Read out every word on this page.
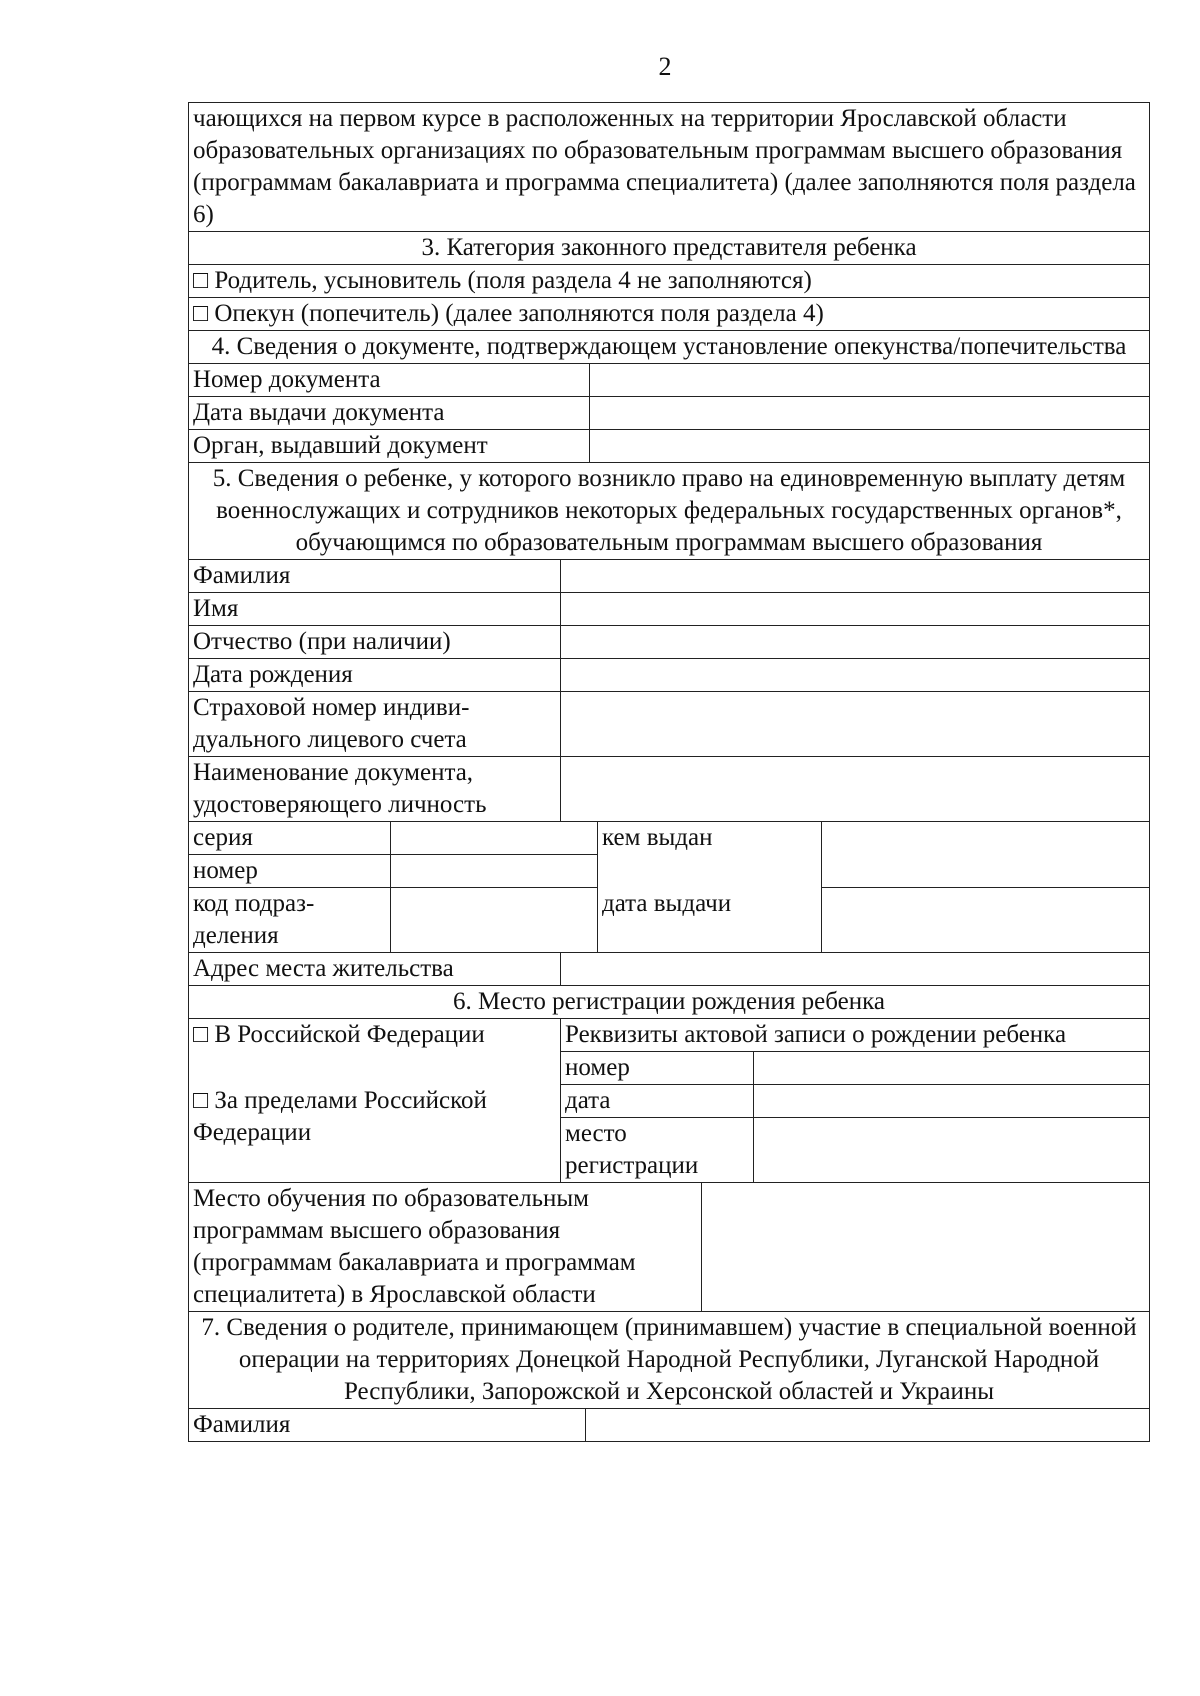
2
чающихся на первом курсе в расположенных на территории Ярославской области образовательных организациях по образовательным программам высшего образования (программам бакалавриата и программа специалитета) (далее заполняются поля раздела 6)
3. Категория законного представителя ребенка
□ Родитель, усыновитель (поля раздела 4 не заполняются)
□ Опекун (попечитель) (далее заполняются поля раздела 4)
4. Сведения о документе, подтверждающем установление опекунства/попечительства
Номер документа
Дата выдачи документа
Орган, выдавший документ
5. Сведения о ребенке, у которого возникло право на единовременную выплату детям военнослужащих и сотрудников некоторых федеральных государственных органов*, обучающимся по образовательным программам высшего образования
Фамилия
Имя
Отчество (при наличии)
Дата рождения
Страховой номер индиви-дуального лицевого счета
Наименование документа, удостоверяющего личность
серия	кем выдан
номер
код подраз-деления
дата выдачи
Адрес места жительства
6. Место регистрации рождения ребенка
□ В Российской Федерации
□ За пределами Российской Федерации
Реквизиты актовой записи о рождении ребенка
номер
дата
место регистрации
Место обучения по образовательным программам высшего образования (программам бакалавриата и программам специалитета) в Ярославской области
7. Сведения о родителе, принимающем (принимавшем) участие в специальной военной операции на территориях Донецкой Народной Республики, Луганской Народной Республики, Запорожской и Херсонской областей и Украины
Фамилия
